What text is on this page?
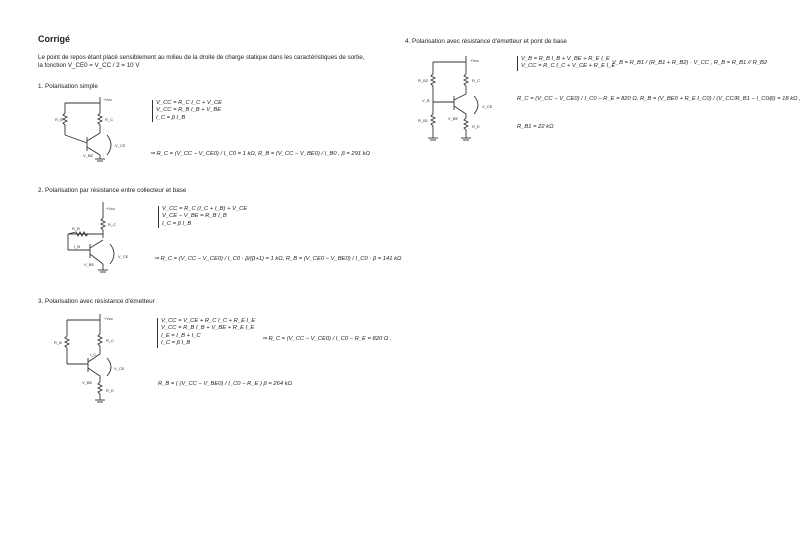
Corrigé
Le point de repos étant placé sensiblement au milieu de la droite de charge statique dans les caractéristiques de sortie, la fonction V_CE0 = V_CC / 2 = 10 V
1. Polarisation simple
+Vcc
R_B	R_C
V_CE
V_BE
V_CC = R_C I_C + V_CE
V_CC = R_B I_B + V_BE
I_C = β I_B
⇒ R_C = (V_CC − V_CE0) / I_C0 = 1 kΩ, R_B = (V_CC − V_BE0) / I_B0 , β = 291 kΩ
2. Polarisation par résistance entre collecteur et base
+Vcc
R_C
R_B
V_CE
I_B
V_BE
V_CC = R_C (I_C + I_B) + V_CE
V_CE − V_BE = R_B I_B
I_C = β I_B
⇒ R_C = (V_CC − V_CE0) / I_C0 · β/(β+1) = 1 kΩ, R_B = (V_CE0 − V_BE0) / I_C0 · β = 141 kΩ
3. Polarisation avec résistance d'émetteur
+Vcc
R_B	R_C
R_E
V_CE
I_C
V_BE
V_CC = V_CE + R_C I_C + R_E I_E
V_CC = R_B I_B + V_BE + R_E I_E
I_E = I_B + I_C
I_C = β I_B
⇒ R_C = (V_CC − V_CE0) / I_C0 − R_E = 820 Ω ,
R_B = ( (V_CC − V_BE0) / I_C0 − R_E ) β = 264 kΩ
4. Polarisation avec résistance d'émetteur et pont de base
+Vcc
R_B2
R_B1
R_C
V_B
R_E
V_CE
V_BE
V_B = R_B I_B + V_BE + R_E I_E
V_CC = R_C I_C + V_CE + R_E I_E
V_B = R_B1 / (R_B1 + R_B2) · V_CC , R_B = R_B1 // R_B2
R_C = (V_CC − V_CE0) / I_C0 − R_E = 820 Ω, R_B = (V_BE0 + R_E I_C0) / (V_CC/R_B1 − I_C0/β) = 18 kΩ ,
R_B1 = 22 kΩ
